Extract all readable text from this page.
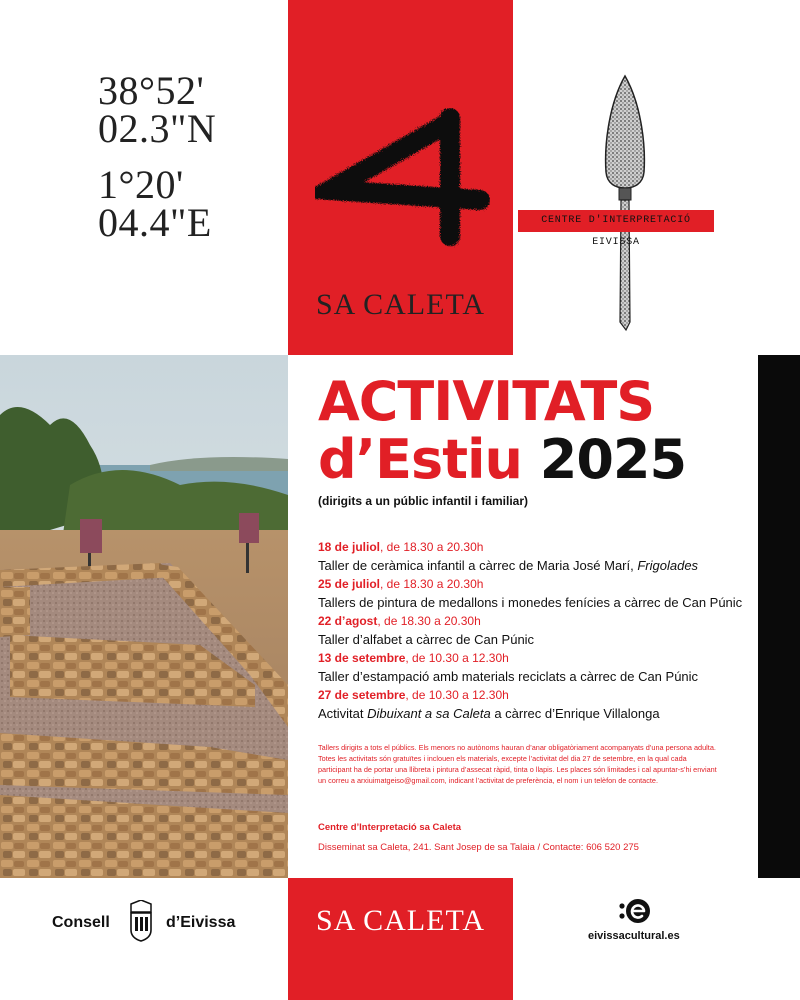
38°52'
02.3"N
1°20'
04.4"E
SA CALETA
CENTRE D'INTERPRETACIÓ EIVISSA
ACTIVITATS
d’Estiu 2025
(dirigits a un públic infantil i familiar)
18 de juliol, de 18.30 a 20.30h
Taller de ceràmica infantil a càrrec de Maria José Marí, Frigolades
25 de juliol, de 18.30 a 20.30h
Tallers de pintura de medallons i monedes fenícies a càrrec de Can Púnic
22 d’agost, de 18.30 a 20.30h
Taller d’alfabet a càrrec de Can Púnic
13 de setembre, de 10.30 a 12.30h
Taller d’estampació amb materials reciclats a càrrec de Can Púnic
27 de setembre, de 10.30 a 12.30h
Activitat Dibuixant a sa Caleta a càrrec d’Enrique Villalonga
Tallers dirigits a tots el públics. Els menors no autònoms hauran d’anar obligatòriament acompanyats d’una persona adulta. Totes les activitats són gratuïtes i inclouen els materials, excepte l’activitat del dia 27 de setembre, en la qual cada participant ha de portar una llibreta i pintura d’assecat ràpid, tinta o llapis. Les places són limitades i cal apuntar-s’hi enviant un correu a arxiuimatgeiso@gmail.com, indicant l’activitat de preferència, el nom i un telèfon de contacte.
Centre d’Interpretació sa Caleta
Disseminat sa Caleta, 241. Sant Josep de sa Talaia / Contacte: 606 520 275
SA CALETA
Consell	d’Eivissa
eivissacultural.es
